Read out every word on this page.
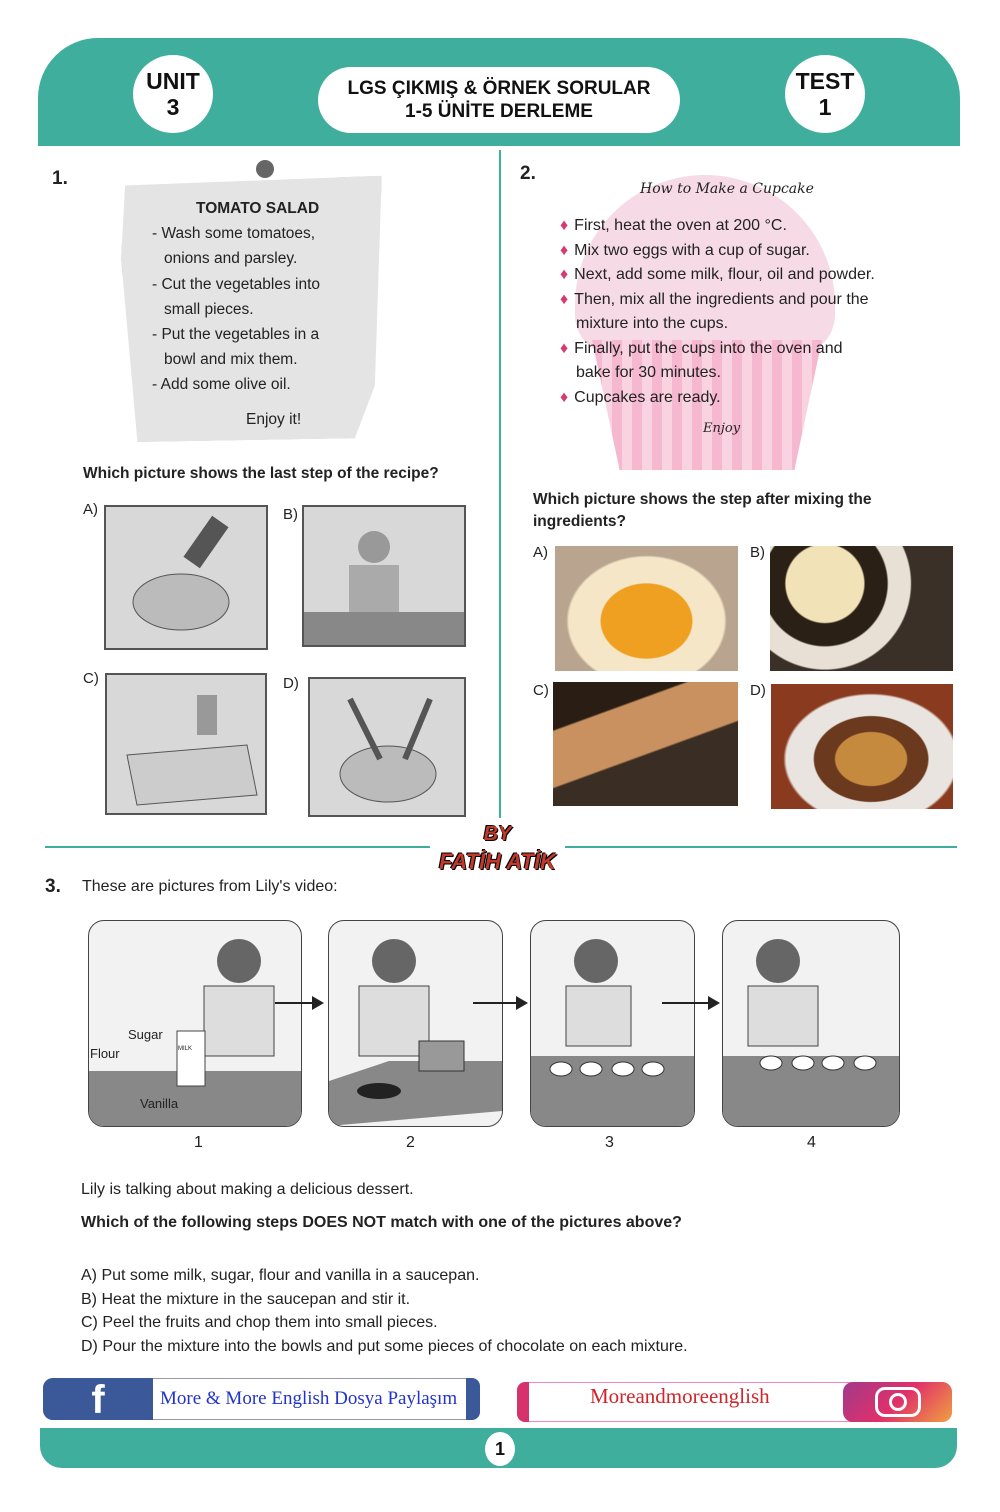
UNIT
3
LGS ÇIKMIŞ & ÖRNEK SORULAR
1-5 ÜNİTE DERLEME
TEST
1
1.
TOMATO SALAD
- Wash some tomatoes,
onions and parsley.
- Cut the vegetables into
small pieces.
- Put the vegetables in a
bowl and mix them.
- Add some olive oil.
Enjoy it!
Which picture shows the last step of the recipe?
A)	B)
C)	D)
2.
How to Make a Cupcake
♦ First, heat the oven at 200 °C.
♦ Mix two eggs with a cup of sugar.
♦ Next, add some milk, flour, oil and powder.
♦ Then, mix all the ingredients and pour the
mixture into the cups.
♦ Finally, put the cups into the oven and
bake for 30 minutes.
♦ Cupcakes are ready.
Enjoy
Which picture shows the step after mixing the
ingredients?
A)	B)
C)	D)
BY
FATİH ATİK
3. These are pictures from Lily's video:
Sugar
Flour
Vanilla
MILK
1	2	3	4
Lily is talking about making a delicious dessert.
Which of the following steps DOES NOT match with one of the pictures above?
A) Put some milk, sugar, flour and vanilla in a saucepan.
B) Heat the mixture in the saucepan and stir it.
C) Peel the fruits and chop them into small pieces.
D) Pour the mixture into the bowls and put some pieces of chocolate on each mixture.
f	More & More English Dosya Paylaşım	Moreandmoreenglish
1
